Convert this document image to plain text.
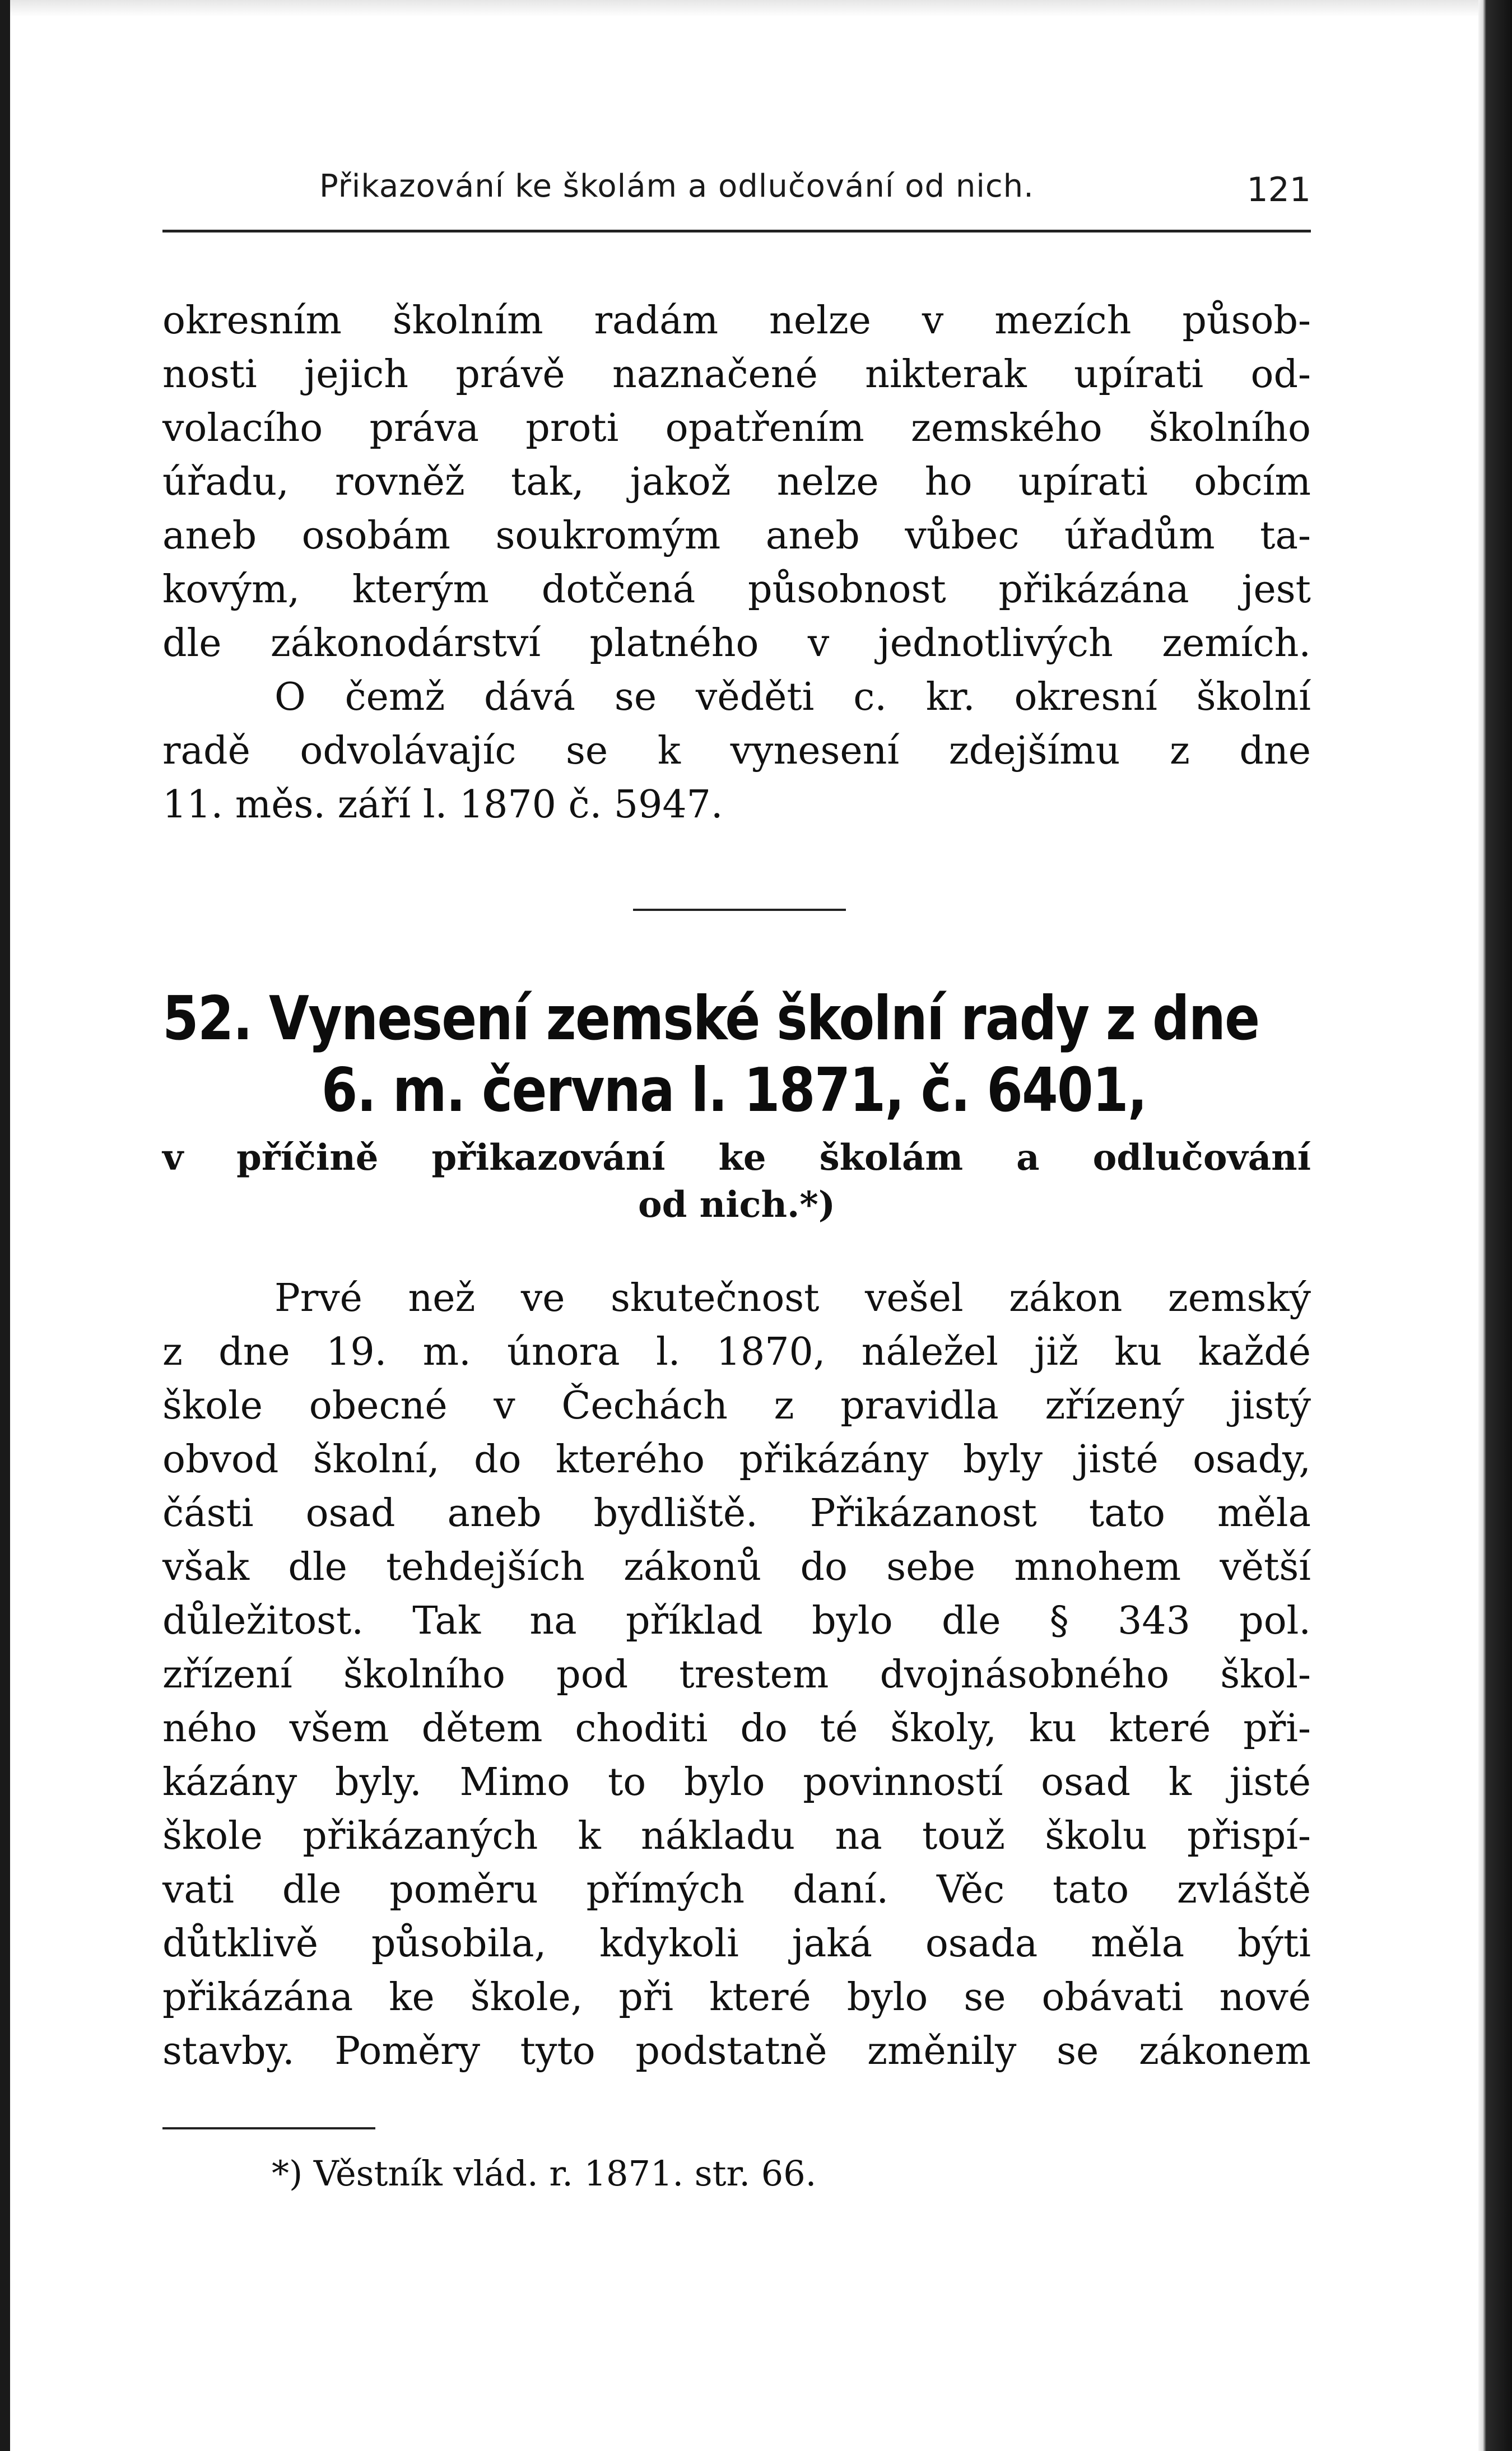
Přikazování ke školám a odlučování od nich.	121
okresním školním radám nelze v mezích působ-
nosti jejich právě naznačené nikterak upírati od-
volacího práva proti opatřením zemského školního
úřadu, rovněž tak, jakož nelze ho upírati obcím
aneb osobám soukromým aneb vůbec úřadům ta-
kovým, kterým dotčená působnost přikázána jest
dle zákonodárství platného v jednotlivých zemích.
O čemž dává se věděti c. kr. okresní školní
radě odvolávajíc se k vynesení zdejšímu z dne
11. měs. září l. 1870 č. 5947.
52. Vynesení zemské školní rady z dne
6. m. června l. 1871, č. 6401,
v příčině přikazování ke školám a odlučování
od nich.*)
Prvé než ve skutečnost vešel zákon zemský
z dne 19. m. února l. 1870, náležel již ku každé
škole obecné v Čechách z pravidla zřízený jistý
obvod školní, do kterého přikázány byly jisté osady,
části osad aneb bydliště. Přikázanost tato měla
však dle tehdejších zákonů do sebe mnohem větší
důležitost. Tak na příklad bylo dle § 343 pol.
zřízení školního pod trestem dvojnásobného škol-
ného všem dětem choditi do té školy, ku které při-
kázány byly. Mimo to bylo povinností osad k jisté
škole přikázaných k nákladu na touž školu přispí-
vati dle poměru přímých daní. Věc tato zvláště
důtklivě působila, kdykoli jaká osada měla býti
přikázána ke škole, při které bylo se obávati nové
stavby. Poměry tyto podstatně změnily se zákonem
*) Věstník vlád. r. 1871. str. 66.
